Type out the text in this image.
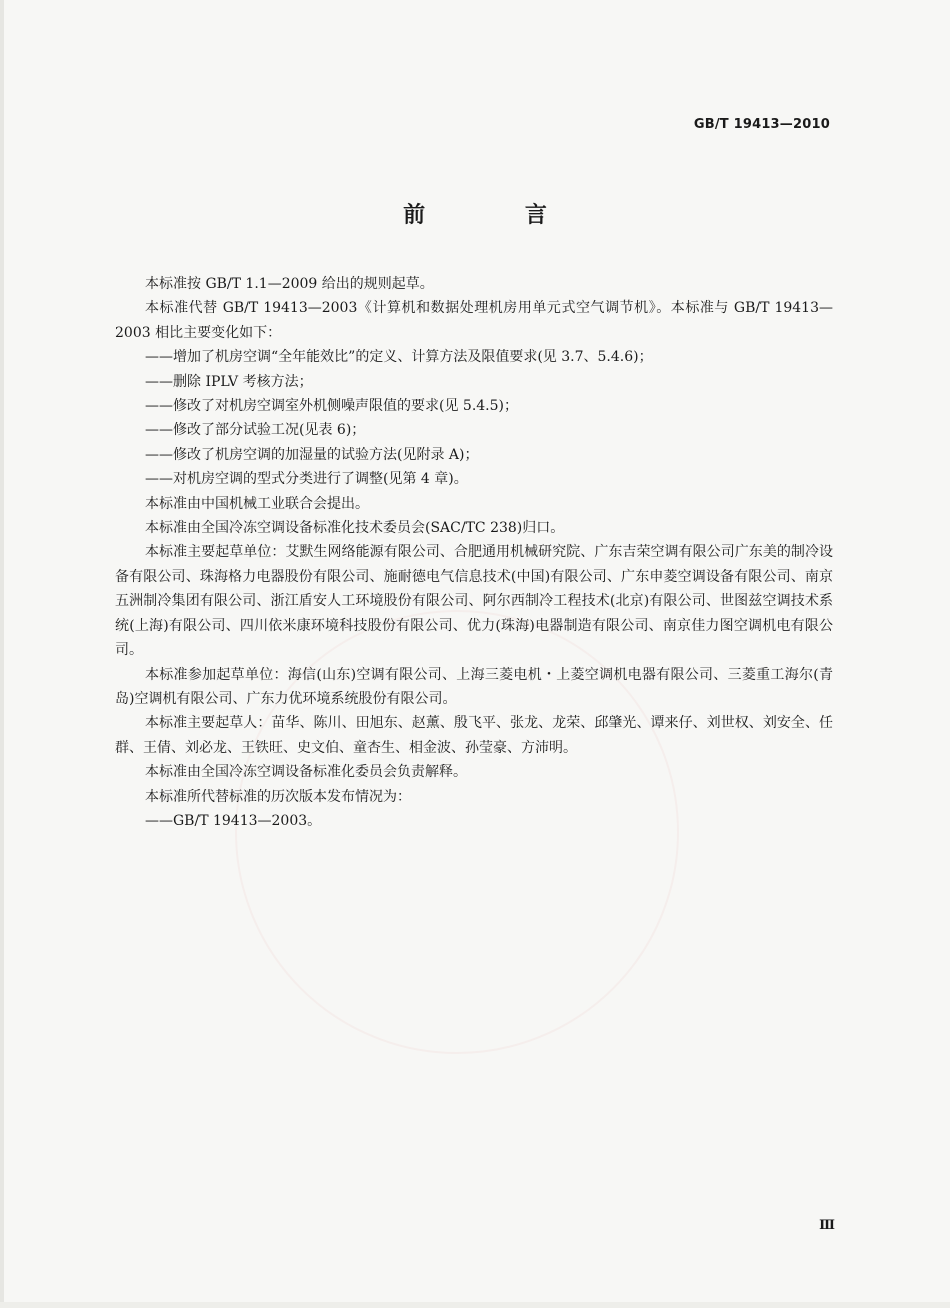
GB/T 19413—2010
前 言

本标准按 GB/T 1.1—2009 给出的规则起草。

本标准代替 GB/T 19413—2003《计算机和数据处理机房用单元式空气调节机》。本标准与 GB/T 19413—2003 相比主要变化如下：

——增加了机房空调“全年能效比”的定义、计算方法及限值要求(见 3.7、5.4.6)；

——删除 IPLV 考核方法；

——修改了对机房空调室外机侧噪声限值的要求(见 5.4.5)；

——修改了部分试验工况(见表 6)；

——修改了机房空调的加湿量的试验方法(见附录 A)；

——对机房空调的型式分类进行了调整(见第 4 章)。

本标准由中国机械工业联合会提出。

本标准由全国冷冻空调设备标准化技术委员会(SAC/TC 238)归口。

本标准主要起草单位：艾默生网络能源有限公司、合肥通用机械研究院、广东吉荣空调有限公司广东美的制冷设备有限公司、珠海格力电器股份有限公司、施耐德电气信息技术(中国)有限公司、广东申菱空调设备有限公司、南京五洲制冷集团有限公司、浙江盾安人工环境股份有限公司、阿尔西制冷工程技术(北京)有限公司、世图兹空调技术系统(上海)有限公司、四川依米康环境科技股份有限公司、优力(珠海)电器制造有限公司、南京佳力图空调机电有限公司。

本标准参加起草单位：海信(山东)空调有限公司、上海三菱电机・上菱空调机电器有限公司、三菱重工海尔(青岛)空调机有限公司、广东力优环境系统股份有限公司。

本标准主要起草人：苗华、陈川、田旭东、赵薰、殷飞平、张龙、龙荣、邱肇光、谭来仔、刘世权、刘安全、任群、王倩、刘必龙、王铁旺、史文伯、童杏生、相金波、孙莹豪、方沛明。

本标准由全国冷冻空调设备标准化委员会负责解释。

本标准所代替标准的历次版本发布情况为：

——GB/T 19413—2003。

Ⅲ
